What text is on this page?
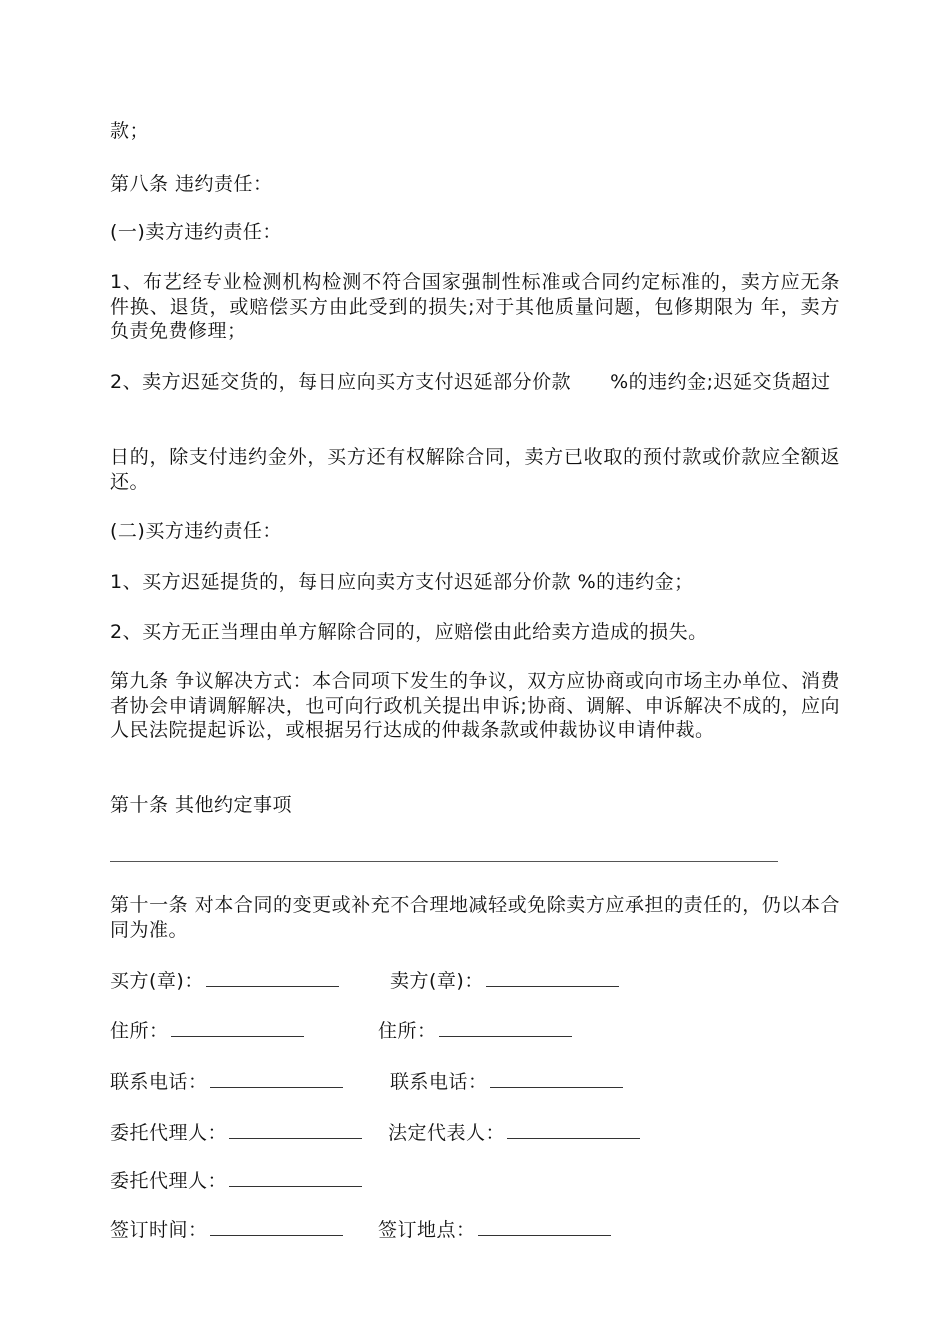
款；

第八条 违约责任：

(一)卖方违约责任：

1、布艺经专业检测机构检测不符合国家强制性标准或合同约定标准的，卖方应无条件换、退货，或赔偿买方由此受到的损失;对于其他质量问题，包修期限为 年，卖方负责免费修理；

2、卖方迟延交货的，每日应向买方支付迟延部分价款　　%的违约金;迟延交货超过

日的，除支付违约金外，买方还有权解除合同，卖方已收取的预付款或价款应全额返还。

(二)买方违约责任：

1、买方迟延提货的，每日应向卖方支付迟延部分价款 %的违约金；

2、买方无正当理由单方解除合同的，应赔偿由此给卖方造成的损失。

第九条 争议解决方式：本合同项下发生的争议，双方应协商或向市场主办单位、消费者协会申请调解解决，也可向行政机关提出申诉;协商、调解、申诉解决不成的，应向 人民法院提起诉讼，或根据另行达成的仲裁条款或仲裁协议申请仲裁。

第十条 其他约定事项

第十一条 对本合同的变更或补充不合理地减轻或免除卖方应承担的责任的，仍以本合同为准。

买方(章)：	卖方(章)：
住所：	住所：
联系电话：	联系电话：
委托代理人：	法定代表人：
委托代理人：
签订时间：	签订地点：
